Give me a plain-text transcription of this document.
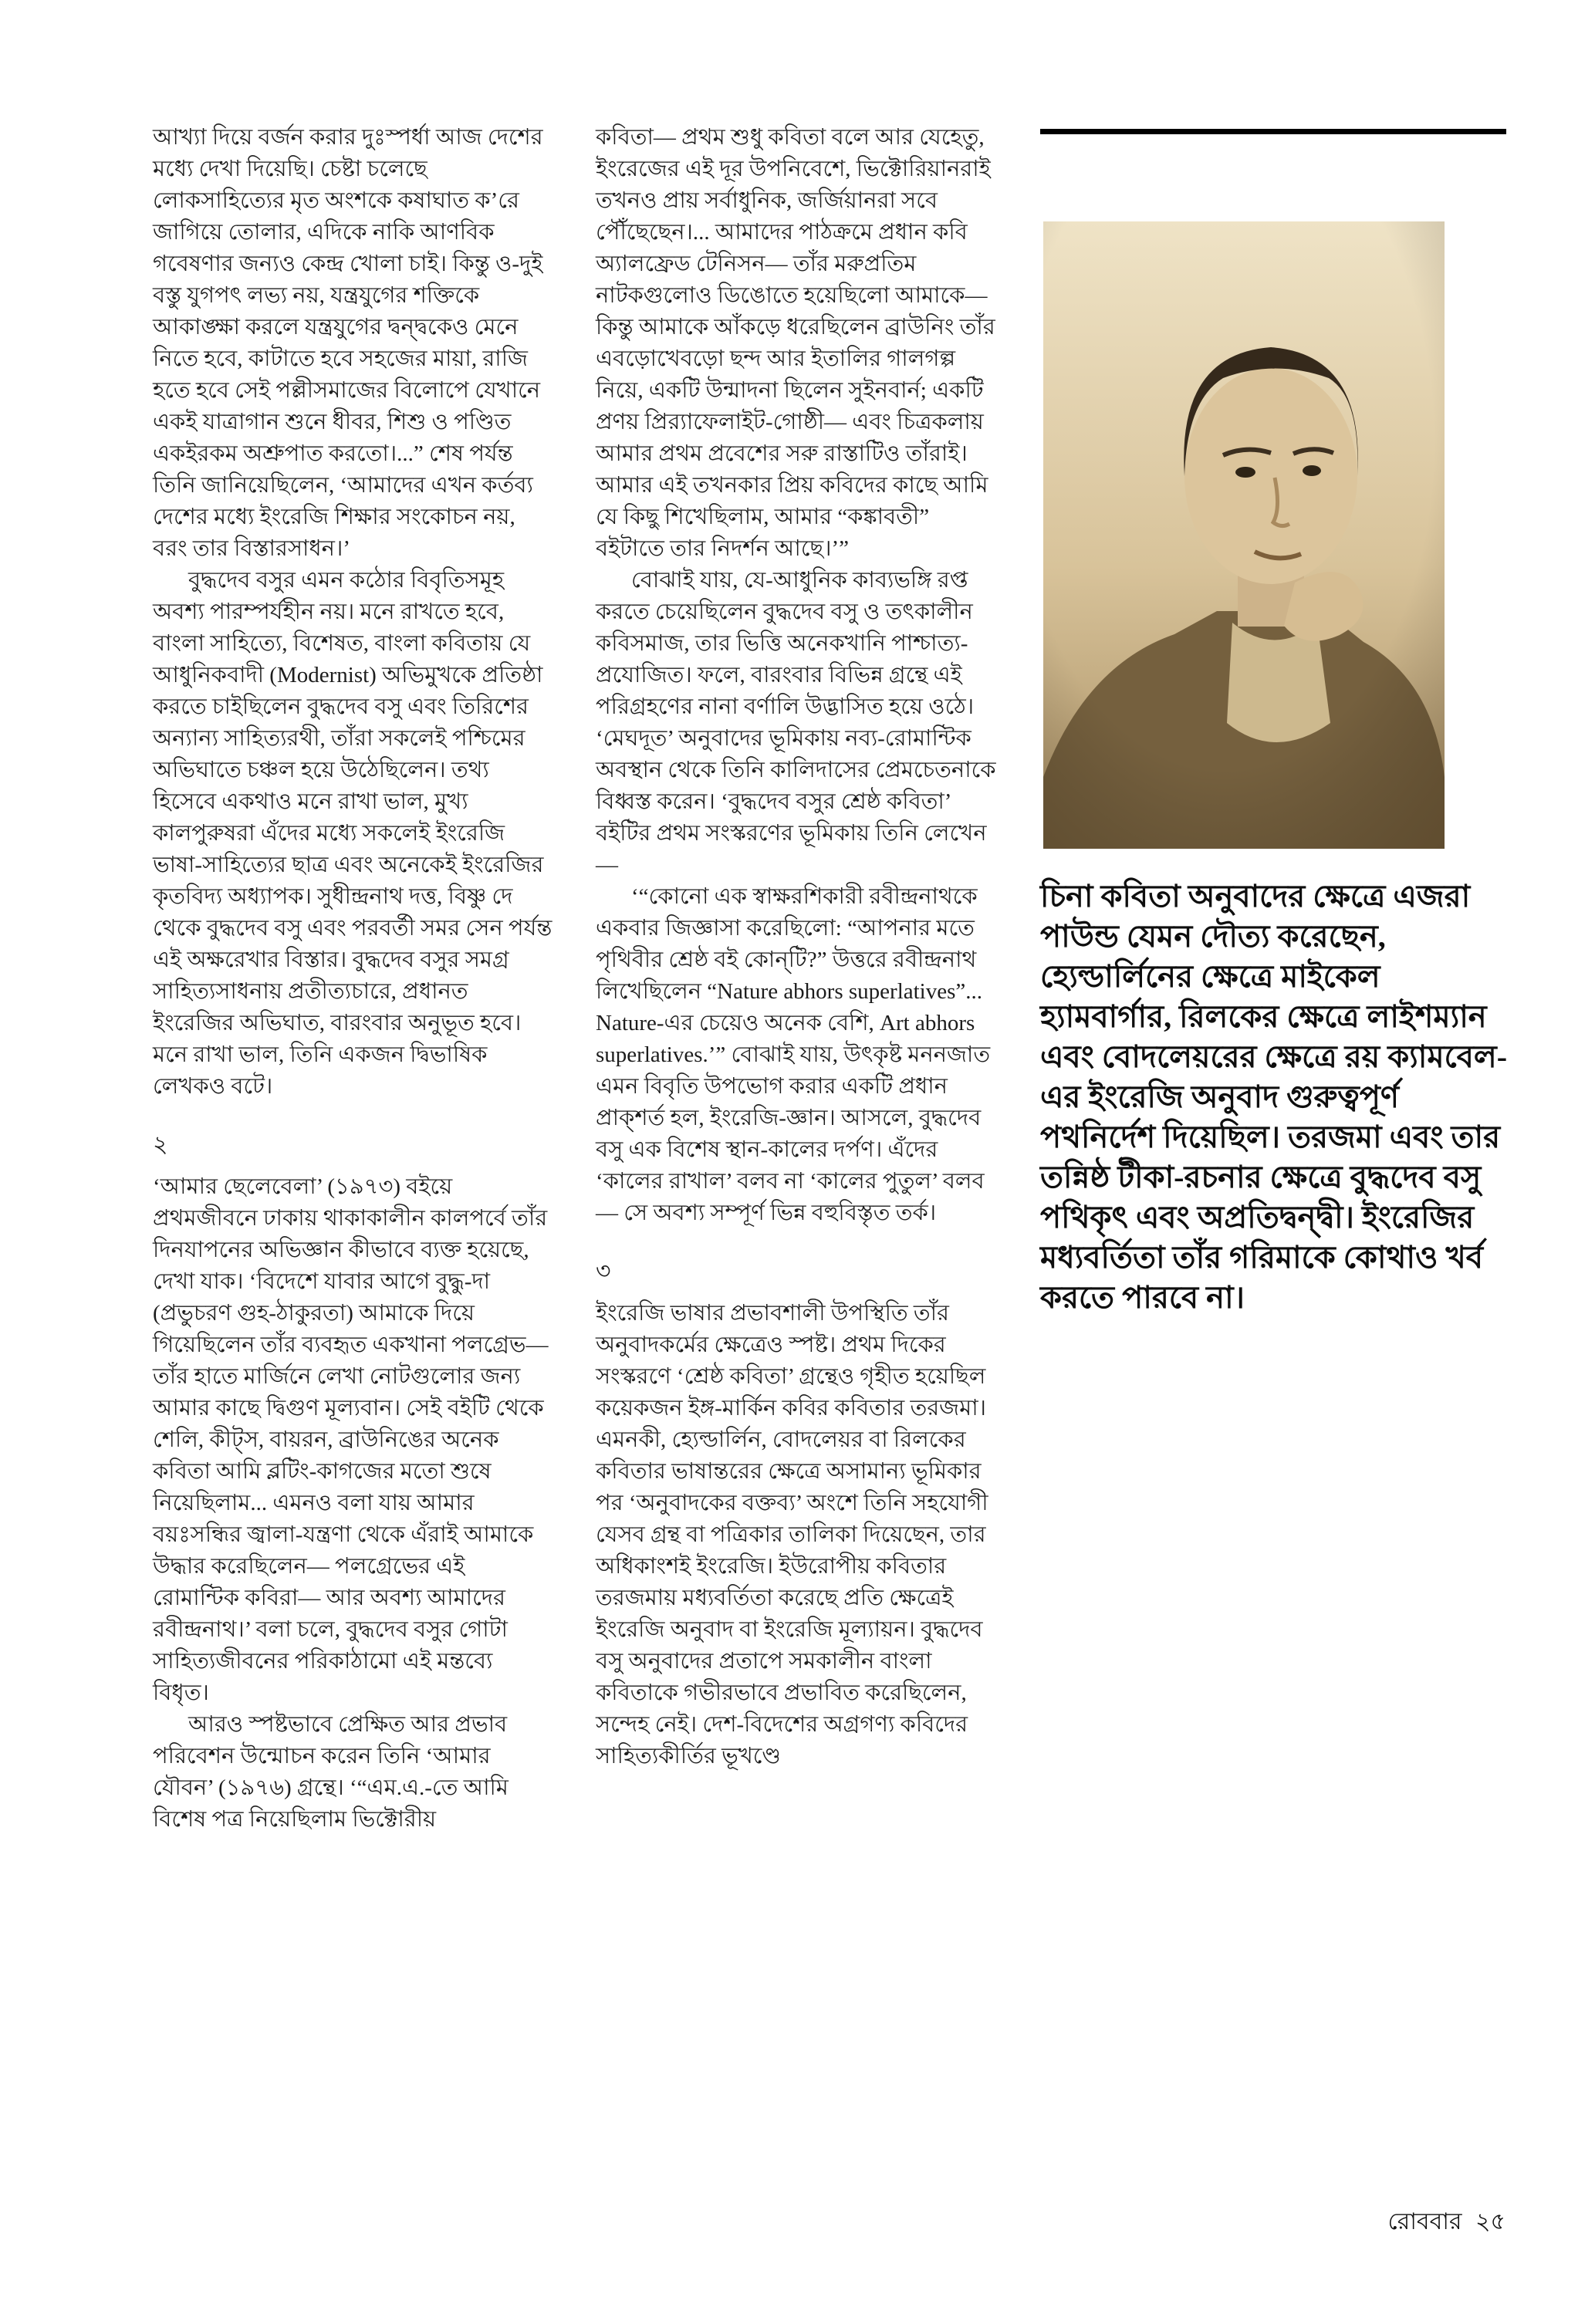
আখ্যা দিয়ে বর্জন করার দুঃস্পর্ধা আজ দেশের মধ্যে দেখা দিয়েছি। চেষ্টা চলেছে লোকসাহিত্যের মৃত অংশকে কষাঘাত ক’রে জাগিয়ে তোলার, এদিকে নাকি আণবিক গবেষণার জন্যও কেন্দ্র খোলা চাই। কিন্তু ও-দুই বস্তু যুগপৎ লভ্য নয়, যন্ত্রযুগের শক্তিকে আকাঙ্ক্ষা করলে যন্ত্রযুগের দ্বন্দ্বকেও মেনে নিতে হবে, কাটাতে হবে সহজের মায়া, রাজি হতে হবে সেই পল্লীসমাজের বিলোপে যেখানে একই যাত্রাগান শুনে ধীবর, শিশু ও পণ্ডিত একইরকম অশ্রুপাত করতো।...” শেষ পর্যন্ত তিনি জানিয়েছিলেন, ‘আমাদের এখন কর্তব্য দেশের মধ্যে ইংরেজি শিক্ষার সংকোচন নয়, বরং তার বিস্তারসাধন।’

বুদ্ধদেব বসুর এমন কঠোর বিবৃতিসমূহ অবশ্য পারম্পর্যহীন নয়। মনে রাখতে হবে, বাংলা সাহিত্যে, বিশেষত, বাংলা কবিতায় যে আধুনিকবাদী (Modernist) অভিমুখকে প্রতিষ্ঠা করতে চাইছিলেন বুদ্ধদেব বসু এবং তিরিশের অন্যান্য সাহিত্যরথী, তাঁরা সকলেই পশ্চিমের অভিঘাতে চঞ্চল হয়ে উঠেছিলেন। তথ্য হিসেবে একথাও মনে রাখা ভাল, মুখ্য কালপুরুষরা এঁদের মধ্যে সকলেই ইংরেজি ভাষা-সাহিত্যের ছাত্র এবং অনেকেই ইংরেজির কৃতবিদ্য অধ্যাপক। সুধীন্দ্রনাথ দত্ত, বিষ্ণু দে থেকে বুদ্ধদেব বসু এবং পরবর্তী সমর সেন পর্যন্ত এই অক্ষরেখার বিস্তার। বুদ্ধদেব বসুর সমগ্র সাহিত্যসাধনায় প্রতীত্যচারে, প্রধানত ইংরেজির অভিঘাত, বারংবার অনুভূত হবে। মনে রাখা ভাল, তিনি একজন দ্বিভাষিক লেখকও বটে।

২

‘আমার ছেলেবেলা’ (১৯৭৩) বইয়ে প্রথমজীবনে ঢাকায় থাকাকালীন কালপর্বে তাঁর দিনযাপনের অভিজ্ঞান কীভাবে ব্যক্ত হয়েছে, দেখা যাক। ‘বিদেশে যাবার আগে বুদ্ধু-দা (প্রভুচরণ গুহ-ঠাকুরতা) আমাকে দিয়ে গিয়েছিলেন তাঁর ব্যবহৃত একখানা পলগ্রেভ— তাঁর হাতে মার্জিনে লেখা নোটগুলোর জন্য আমার কাছে দ্বিগুণ মূল্যবান। সেই বইটি থেকে শেলি, কীট্‌স, বায়রন, ব্রাউনিঙের অনেক কবিতা আমি ব্লটিং-কাগজের মতো শুষে নিয়েছিলাম... এমনও বলা যায় আমার বয়ঃসন্ধির জ্বালা-যন্ত্রণা থেকে এঁরাই আমাকে উদ্ধার করেছিলেন— পলগ্রেভের এই রোমান্টিক কবিরা— আর অবশ্য আমাদের রবীন্দ্রনাথ।’ বলা চলে, বুদ্ধদেব বসুর গোটা সাহিত্যজীবনের পরিকাঠামো এই মন্তব্যে বিধৃত।

আরও স্পষ্টভাবে প্রেক্ষিত আর প্রভাব পরিবেশন উন্মোচন করেন তিনি ‘আমার যৌবন’ (১৯৭৬) গ্রন্থে। ‘“এম.এ.-তে আমি বিশেষ পত্র নিয়েছিলাম ভিক্টোরীয়

কবিতা— প্রথম শুধু কবিতা বলে আর যেহেতু, ইংরেজের এই দূর উপনিবেশে, ভিক্টোরিয়ানরাই তখনও প্রায় সর্বাধুনিক, জর্জিয়ানরা সবে পৌঁছেছেন।... আমাদের পাঠক্রমে প্রধান কবি অ্যালফ্রেড টেনিসন— তাঁর মরুপ্রতিম নাটকগুলোও ডিঙোতে হয়েছিলো আমাকে— কিন্তু আমাকে আঁকড়ে ধরেছিলেন ব্রাউনিং তাঁর এবড়োখেবড়ো ছন্দ আর ইতালির গালগল্প নিয়ে, একটি উন্মাদনা ছিলেন সুইনবার্ন; একটি প্রণয় প্রির‍্যাফেলাইট-গোষ্ঠী— এবং চিত্রকলায় আমার প্রথম প্রবেশের সরু রাস্তাটিও তাঁরাই। আমার এই তখনকার প্রিয় কবিদের কাছে আমি যে কিছু শিখেছিলাম, আমার “কঙ্কাবতী” বইটাতে তার নিদর্শন আছে।’”

বোঝাই যায়, যে-আধুনিক কাব্যভঙ্গি রপ্ত করতে চেয়েছিলেন বুদ্ধদেব বসু ও তৎকালীন কবিসমাজ, তার ভিত্তি অনেকখানি পাশ্চাত্য-প্রযোজিত। ফলে, বারংবার বিভিন্ন গ্রন্থে এই পরিগ্রহণের নানা বর্ণালি উদ্ভাসিত হয়ে ওঠে। ‘মেঘদূত’ অনুবাদের ভূমিকায় নব্য-রোমান্টিক অবস্থান থেকে তিনি কালিদাসের প্রেমচেতনাকে বিধ্বস্ত করেন। ‘বুদ্ধদেব বসুর শ্রেষ্ঠ কবিতা’ বইটির প্রথম সংস্করণের ভূমিকায় তিনি লেখেন—

‘“কোনো এক স্বাক্ষরশিকারী রবীন্দ্রনাথকে একবার জিজ্ঞাসা করেছিলো: “আপনার মতে পৃথিবীর শ্রেষ্ঠ বই কোন্‌টি?” উত্তরে রবীন্দ্রনাথ লিখেছিলেন “Nature abhors superlatives”... Nature-এর চেয়েও অনেক বেশি, Art abhors superlatives.’” বোঝাই যায়, উৎকৃষ্ট মননজাত এমন বিবৃতি উপভোগ করার একটি প্রধান প্রাক্‌শর্ত হল, ইংরেজি-জ্ঞান। আসলে, বুদ্ধদেব বসু এক বিশেষ স্থান-কালের দর্পণ। এঁদের ‘কালের রাখাল’ বলব না ‘কালের পুতুল’ বলব— সে অবশ্য সম্পূর্ণ ভিন্ন বহুবিস্তৃত তর্ক।

৩

ইংরেজি ভাষার প্রভাবশালী উপস্থিতি তাঁর অনুবাদকর্মের ক্ষেত্রেও স্পষ্ট। প্রথম দিকের সংস্করণে ‘শ্রেষ্ঠ কবিতা’ গ্রন্থেও গৃহীত হয়েছিল কয়েকজন ইঙ্গ-মার্কিন কবির কবিতার তরজমা। এমনকী, হ্যেল্ডার্লিন, বোদলেয়র বা রিলকের কবিতার ভাষান্তরের ক্ষেত্রে অসামান্য ভূমিকার পর ‘অনুবাদকের বক্তব্য’ অংশে তিনি সহযোগী যেসব গ্রন্থ বা পত্রিকার তালিকা দিয়েছেন, তার অধিকাংশই ইংরেজি। ইউরোপীয় কবিতার তরজমায় মধ্যবর্তিতা করেছে প্রতি ক্ষেত্রেই ইংরেজি অনুবাদ বা ইংরেজি মূল্যায়ন। বুদ্ধদেব বসু অনুবাদের প্রতাপে সমকালীন বাংলা কবিতাকে গভীরভাবে প্রভাবিত করেছিলেন, সন্দেহ নেই। দেশ-বিদেশের অগ্রগণ্য কবিদের সাহিত্যকীর্তির ভূখণ্ডে

চিনা কবিতা অনুবাদের ক্ষেত্রে এজরা পাউন্ড যেমন দৌত্য করেছেন, হ্যেল্ডার্লিনের ক্ষেত্রে মাইকেল হ্যামবার্গার, রিলকের ক্ষেত্রে লাইশম্যান এবং বোদলেয়রের ক্ষেত্রে রয় ক্যামবেল-এর ইংরেজি অনুবাদ গুরুত্বপূর্ণ পথনির্দেশ দিয়েছিল। তরজমা এবং তার তন্নিষ্ঠ টীকা-রচনার ক্ষেত্রে বুদ্ধদেব বসু পথিকৃৎ এবং অপ্রতিদ্বন্দ্বী। ইংরেজির মধ্যবর্তিতা তাঁর গরিমাকে কোথাও খর্ব করতে পারবে না।
রোববার ২৫
